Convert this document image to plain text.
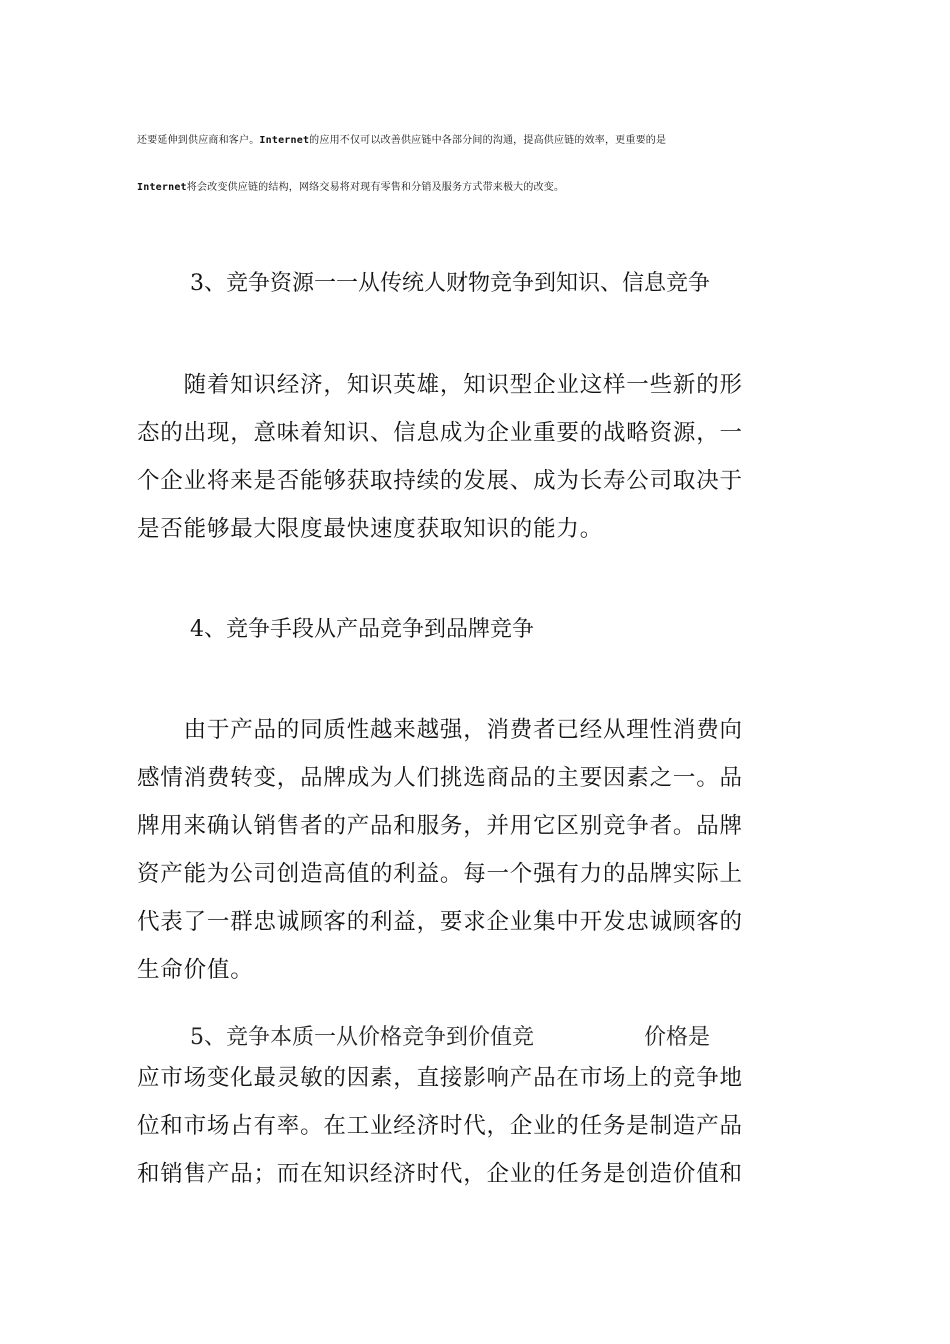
还要延伸到供应商和客户。Internet的应用不仅可以改善供应链中各部分间的沟通，提高供应链的效率，更重要的是
Internet将会改变供应链的结构，网络交易将对现有零售和分销及服务方式带来极大的改变。
3、竞争资源一一从传统人财物竞争到知识、信息竞争

　　随着知识经济，知识英雄，知识型企业这样一些新的形
态的出现，意味着知识、信息成为企业重要的战略资源，一
个企业将来是否能够获取持续的发展、成为长寿公司取决于
是否能够最大限度最快速度获取知识的能力。

4、竞争手段从产品竞争到品牌竞争

　　由于产品的同质性越来越强，消费者已经从理性消费向
感情消费转变，品牌成为人们挑选商品的主要因素之一。品
牌用来确认销售者的产品和服务，并用它区别竞争者。品牌
资产能为公司创造高值的利益。每一个强有力的品牌实际上
代表了一群忠诚顾客的利益，要求企业集中开发忠诚顾客的
生命价值。

5、竞争本质一从价格竞争到价值竞	价格是

应市场变化最灵敏的因素，直接影响产品在市场上的竞争地
位和市场占有率。在工业经济时代，企业的任务是制造产品
和销售产品；而在知识经济时代，企业的任务是创造价值和
